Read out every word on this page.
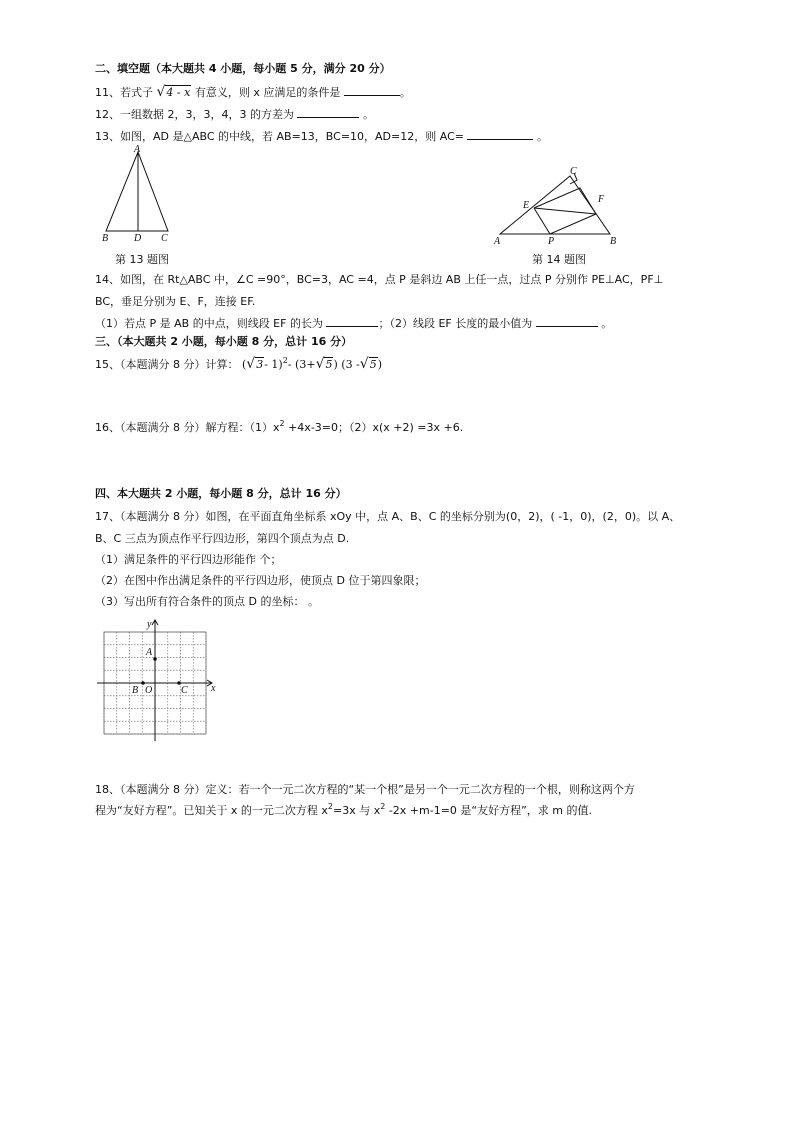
二、填空题（本大题共 4 小题，每小题 5 分，满分 20 分）
11、若式子 √4 - x 有意义，则 x 应满足的条件是	。
12、一组数据 2，3，3，4，3 的方差为	。
13、如图，AD 是△ABC 的中线，若 AB=13，BC=10，AD=12，则 AC=	。
A
B	D C
第 13 题图
C
E
F
A	P	B
第 14 题图
14、如图，在 Rt△ABC 中，∠C =90°，BC=3，AC =4，点 P 是斜边 AB 上任一点，过点 P 分别作 PE⊥AC，PF⊥
BC，垂足分别为 E、F，连接 EF.
（1）若点 P 是 AB 的中点，则线段 EF 的长为	；（2）线段 EF 长度的最小值为	。
三、（本大题共 2 小题，每小题 8 分，总计 16 分）
15、（本题满分 8 分）计算： (√3- 1)$^2$- (3+√5) (3 -√5)
16、（本题满分 8 分）解方程：$(1)x^2 +4x-3=0$；（2）x(x +2) =3x +6.
四、本大题共 2 小题，每小题 8 分，总计 16 分）
17、（本题满分 8 分）如图，在平面直角坐标系 xOy 中，点 A、B、C 的坐标分别为(0，2)，( -1，0)，(2，0)。以 A、
B、C 三点为顶点作平行四边形，第四个顶点为点 D.
（1）满足条件的平行四边形能作 个；
（2）在图中作出满足条件的平行四边形，使顶点 D 位于第四象限；
（3）写出所有符合条件的顶点 D 的坐标： 。
y
x
A
B O	C
18、（本题满分 8 分）定义：若一个一元二次方程的“某一个根”是另一个一元二次方程的一个根，则称这两个方
程为“友好方程”。已知关于 x 的一元二次方程 $x^2=3x$ 与 $x^2$ -2x +m-1=0 是“友好方程”，求 m 的值.
